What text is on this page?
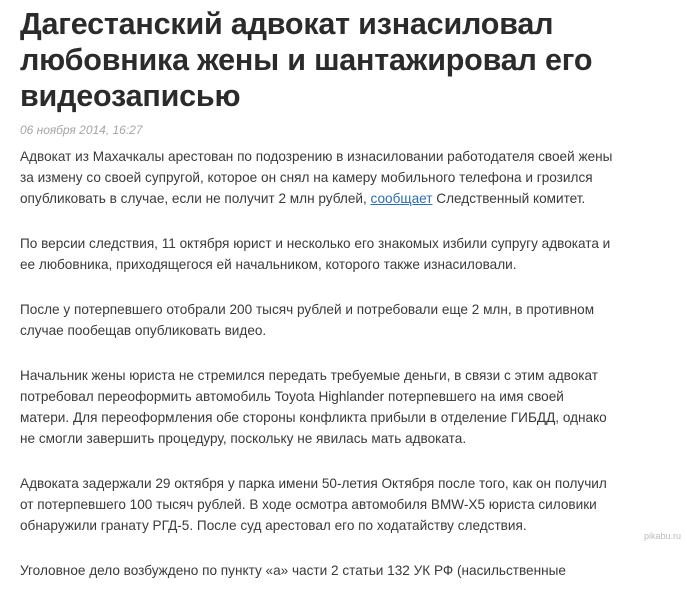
Дагестанский адвокат изнасиловал
любовника жены и шантажировал его
видеозаписью
06 ноября 2014, 16:27

Адвокат из Махачкалы арестован по подозрению в изнасиловании работодателя своей жены
за измену со своей супругой, которое он снял на камеру мобильного телефона и грозился
опубликовать в случае, если не получит 2 млн рублей, сообщает Следственный комитет.

По версии следствия, 11 октября юрист и несколько его знакомых избили супругу адвоката и
ее любовника, приходящегося ей начальником, которого также изнасиловали.

После у потерпевшего отобрали 200 тысяч рублей и потребовали еще 2 млн, в противном
случае пообещав опубликовать видео.

Начальник жены юриста не стремился передать требуемые деньги, в связи с этим адвокат
потребовал переоформить автомобиль Toyota Highlander потерпевшего на имя своей
матери. Для переоформления обе стороны конфликта прибыли в отделение ГИБДД, однако
не смогли завершить процедуру, поскольку не явилась мать адвоката.

Адвоката задержали 29 октября у парка имени 50-летия Октября после того, как он получил
от потерпевшего 100 тысяч рублей. В ходе осмотра автомобиля BMW-X5 юриста силовики
обнаружили гранату РГД-5. После суд арестовал его по ходатайству следствия.

Уголовное дело возбуждено по пункту «а» части 2 статьи 132 УК РФ (насильственные

pikabu.ru
